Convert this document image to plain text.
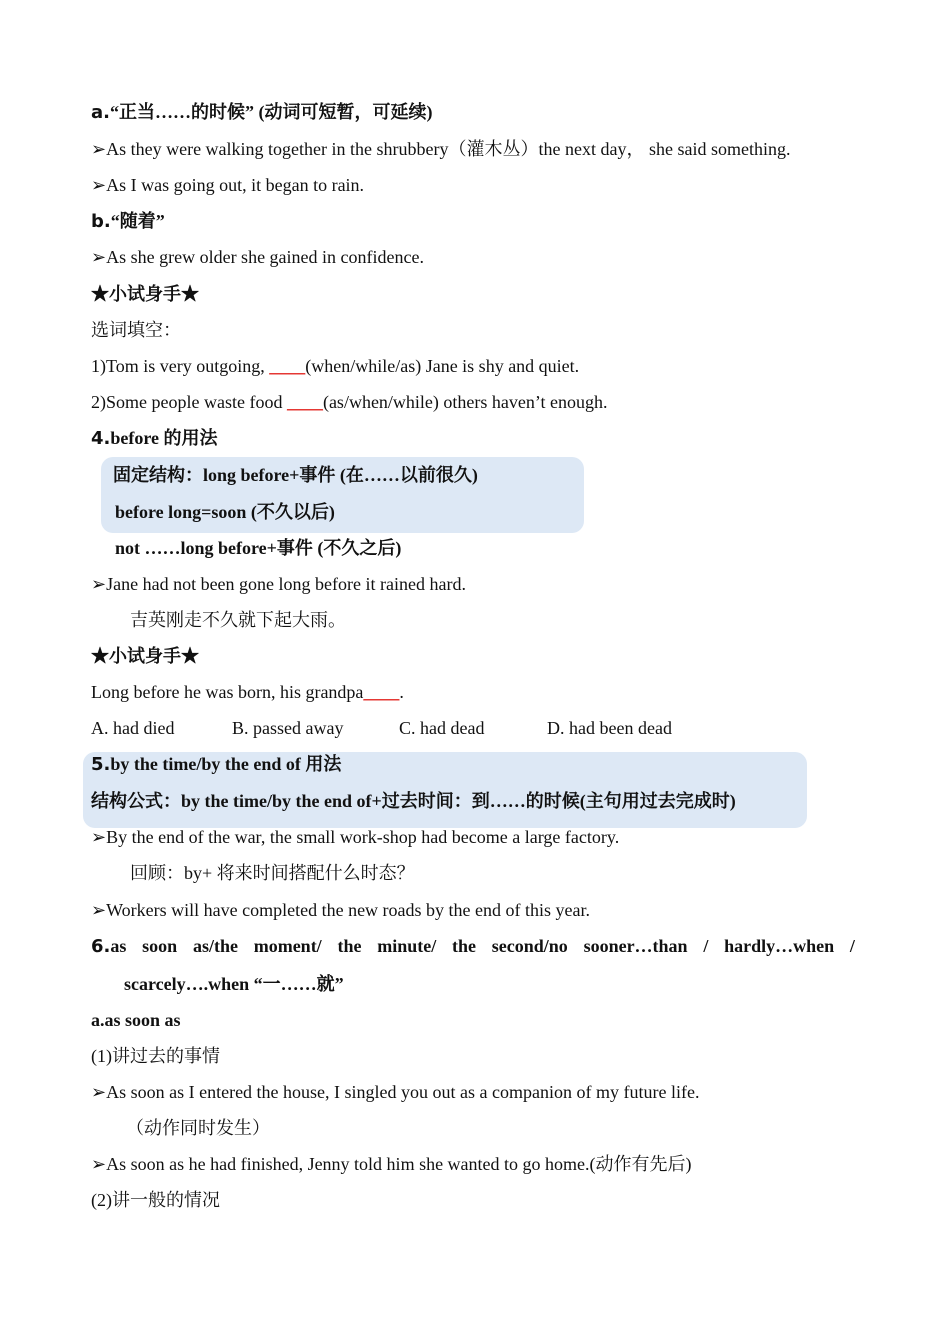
a.“正当……的时候” (动词可短暂，可延续)
➢As they were walking together in the shrubbery（灌木丛）the next day， she said something.
➢As I was going out, it began to rain.
b.“随着”
➢As she grew older she gained in confidence.
★小试身手★
选词填空：
1)Tom is very outgoing, ____(when/while/as) Jane is shy and quiet.
2)Some people waste food ____(as/when/while) others haven’t enough.
4.before 的用法
固定结构：long before+事件 (在……以前很久)
before long=soon (不久以后)
not ……long before+事件 (不久之后)
➢Jane had not been gone long before it rained hard.
吉英刚走不久就下起大雨。
★小试身手★
Long before he was born, his grandpa____.
A. had died	B. passed away	C. had dead	D. had been dead
5.by the time/by the end of 用法
结构公式：by the time/by the end of+过去时间：到……的时候(主句用过去完成时)
➢By the end of the war, the small work-shop had become a large factory.
回顾：by+ 将来时间搭配什么时态？
➢Workers will have completed the new roads by the end of this year.
6.as soon as/the moment/ the minute/ the second/no sooner…than / hardly…when /
scarcely….when “一……就”
a.as soon as
(1)讲过去的事情
➢As soon as I entered the house, I singled you out as a companion of my future life.
（动作同时发生）
➢As soon as he had finished, Jenny told him she wanted to go home.(动作有先后)
(2)讲一般的情况
